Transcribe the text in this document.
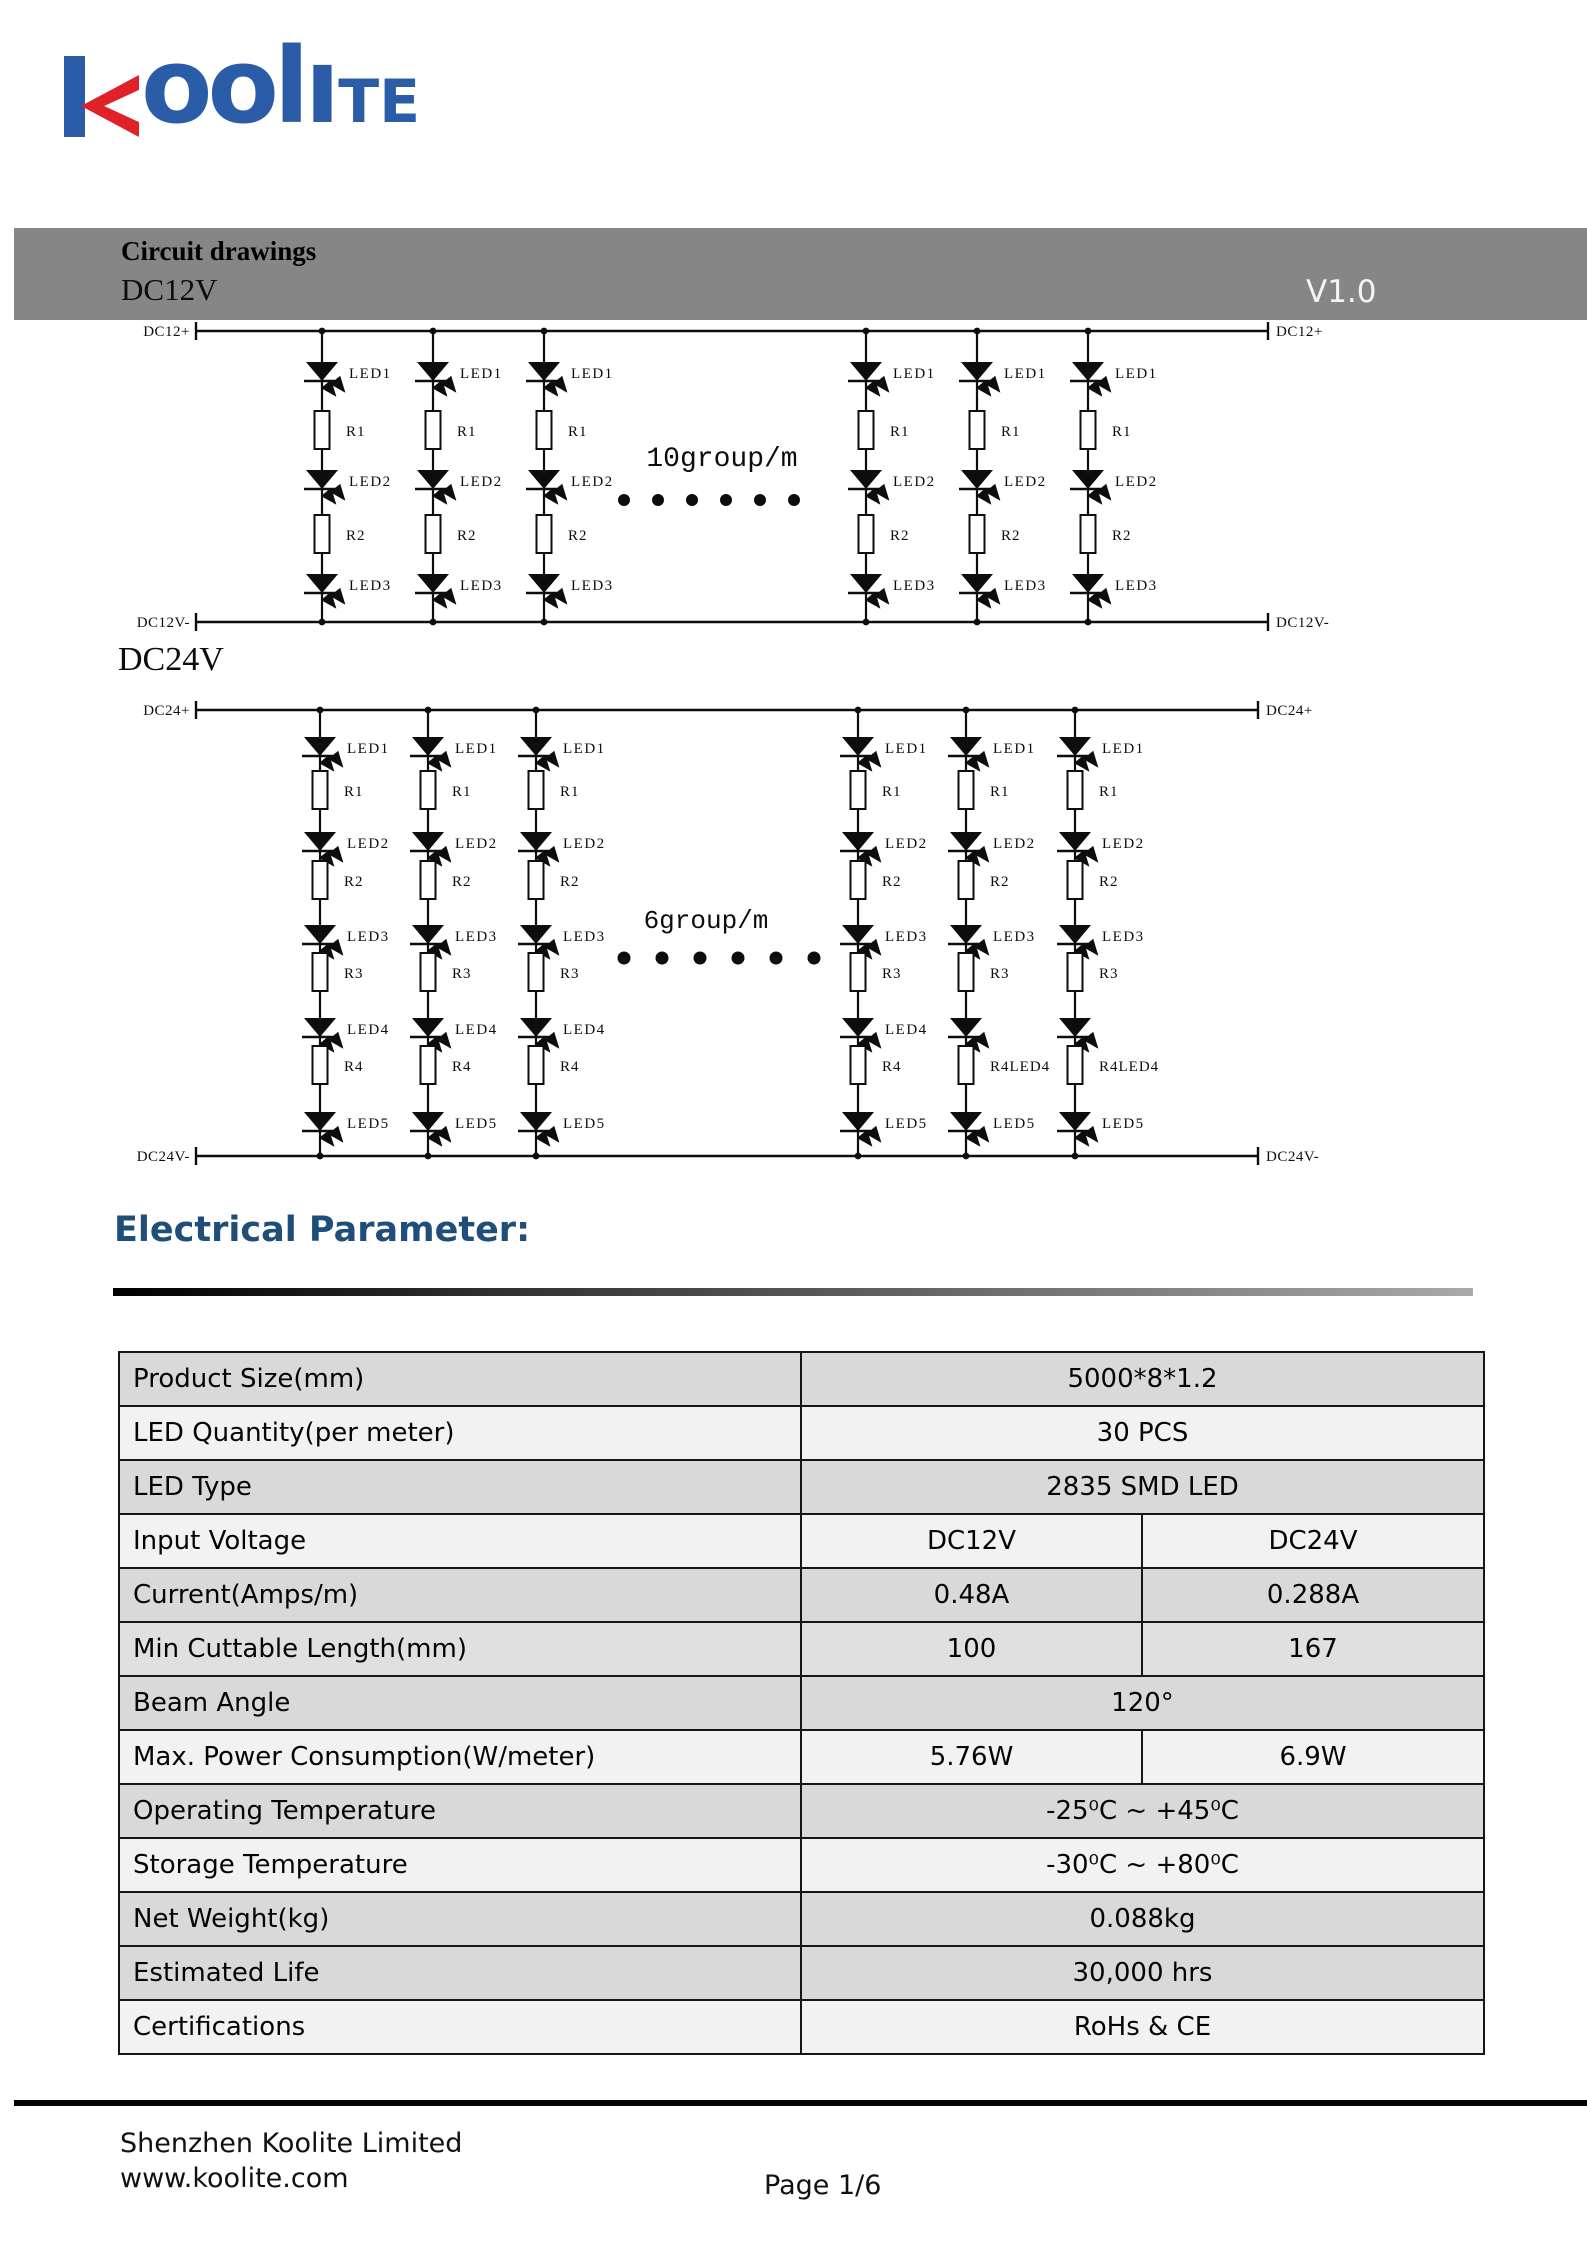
oo l ı TE
Circuit drawings
DC12V	V1.0
DC12+	DC12+
DC12V-	DC12V-
LED1
LED2
LED3
R1
R2
LED1
LED2
LED3
R1
R2
LED1
LED2
LED3
R1
R2
LED1
LED2
LED3
R1
R2
LED1
LED2
LED3
R1
R2
LED1
LED2
LED3
R1
R2
10group/m
DC24+	DC24+
DC24V-	DC24V-
LED1
LED2
LED3
LED4
LED5
R1
R2
R3
R4
LED1
LED2
LED3
LED4
LED5
R1
R2
R3
R4
LED1
LED2
LED3
LED4
LED5
R1
R2
R3
R4
LED1
LED2
LED3
LED4
LED5
R1
R2
R3
R4
LED1
LED2
LED3
LED5
R1
R2
R3
R4LED4
LED1
LED2
LED3
LED5
R1
R2
R3
R4LED4
6group/m
DC24V
Electrical Parameter:
Product Size(mm)	5000*8*1.2	
LED Quantity(per meter)	30 PCS	
LED Type	2835 SMD LED	
Input Voltage	DC12V	DC24V
Current(Amps/m)	0.48A	0.288A
Min Cuttable Length(mm)	100	167
Beam Angle	120°	
Max. Power Consumption(W/meter)	5.76W	6.9W
Operating Temperature	-25⁰C ~ +45⁰C	
Storage Temperature	-30⁰C ~ +80⁰C	
Net Weight(kg)	0.088kg	
Estimated Life	30,000 hrs	
Certifications	RoHs & CE	
Shenzhen Koolite Limited
www.koolite.com	Page 1/6
